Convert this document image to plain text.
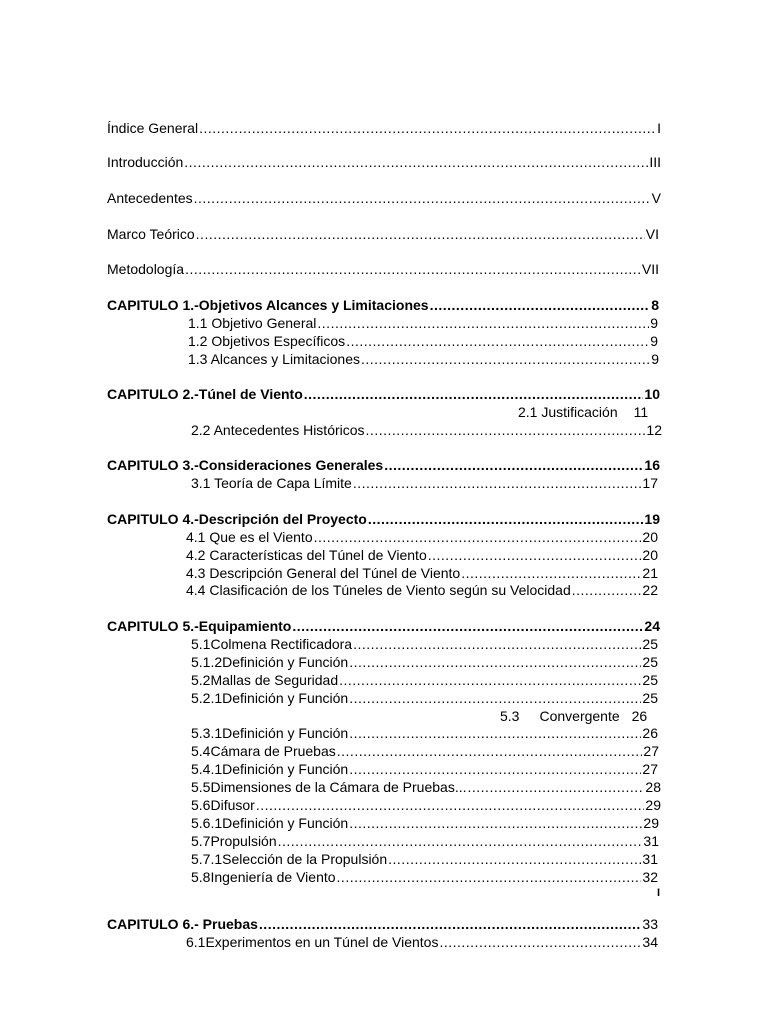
Índice General .....	I
Introducción .....	III
Antecedentes .....	V
Marco Teórico .....	VI
Metodología .....	VII
CAPITULO 1.-Objetivos Alcances y Limitaciones .....	8
1.1 Objetivo General .....	9
1.2 Objetivos Específicos .....	9
1.3 Alcances y Limitaciones .....	9
CAPITULO 2.-Túnel de Viento .....	10
2.1 Justificación 11
2.2 Antecedentes Históricos .....	12
CAPITULO 3.-Consideraciones Generales .....	16
3.1 Teoría de Capa Límite .....	17
CAPITULO 4.-Descripción del Proyecto .....	19
4.1 Que es el Viento .....	20
4.2 Características del Túnel de Viento .....	20
4.3 Descripción General del Túnel de Viento .....	21
4.4 Clasificación de los Túneles de Viento según su Velocidad .....	22
CAPITULO 5.-Equipamiento .....	24
5.1 Colmena Rectificadora .....	25
5.1.2 Definición y Función .....	25
5.2 Mallas de Seguridad .....	25
5.2.1 Definición y Función .....	25
5.3 Convergente 26
5.3.1 Definición y Función .....	26
5.4 Cámara de Pruebas .....	27
5.4.1 Definición y Función .....	27
5.5 Dimensiones de la Cámara de Pruebas... .....	28
5.6 Difusor .....	29
5.6.1 Definición y Función .....	29
5.7 Propulsión .....	31
5.7.1 Selección de la Propulsión .....	31
5.8 Ingeniería de Viento .....	32
I
CAPITULO 6.- Pruebas .....	33
6.1 Experimentos en un Túnel de Vientos .....	34
